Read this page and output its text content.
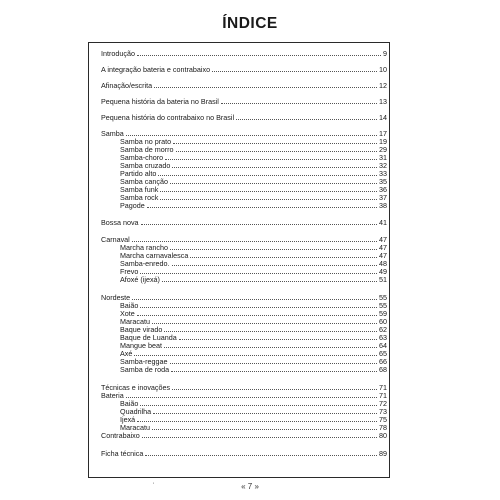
ÍNDICE
Introdução	9
A integração bateria e contrabaixo	10
Afinação/escrita	12
Pequena história da bateria no Brasil	13
Pequena história do contrabaixo no Brasil	14
Samba	17
Samba no prato	19
Samba de morro	29
Samba-choro	31
Samba cruzado	32
Partido alto	33
Samba canção	35
Samba funk	36
Samba rock	37
Pagode	38
Bossa nova	41
Carnaval	47
Marcha rancho	47
Marcha carnavalesca	47
Samba-enredo.	48
Frevo	49
Afoxé (ijexá)	51
Nordeste	55
Baião	55
Xote	59
Maracatu	60
Baque virado	62
Baque de Luanda	63
Mangue beat	64
Axé	65
Samba-reggae	66
Samba de roda	68
Técnicas e inovações	71
Bateria	71
Baião	72
Quadrilha	73
Ijexá	75
Maracatu	78
Contrabaixo	80
Ficha técnica	89
'	« 7 »
